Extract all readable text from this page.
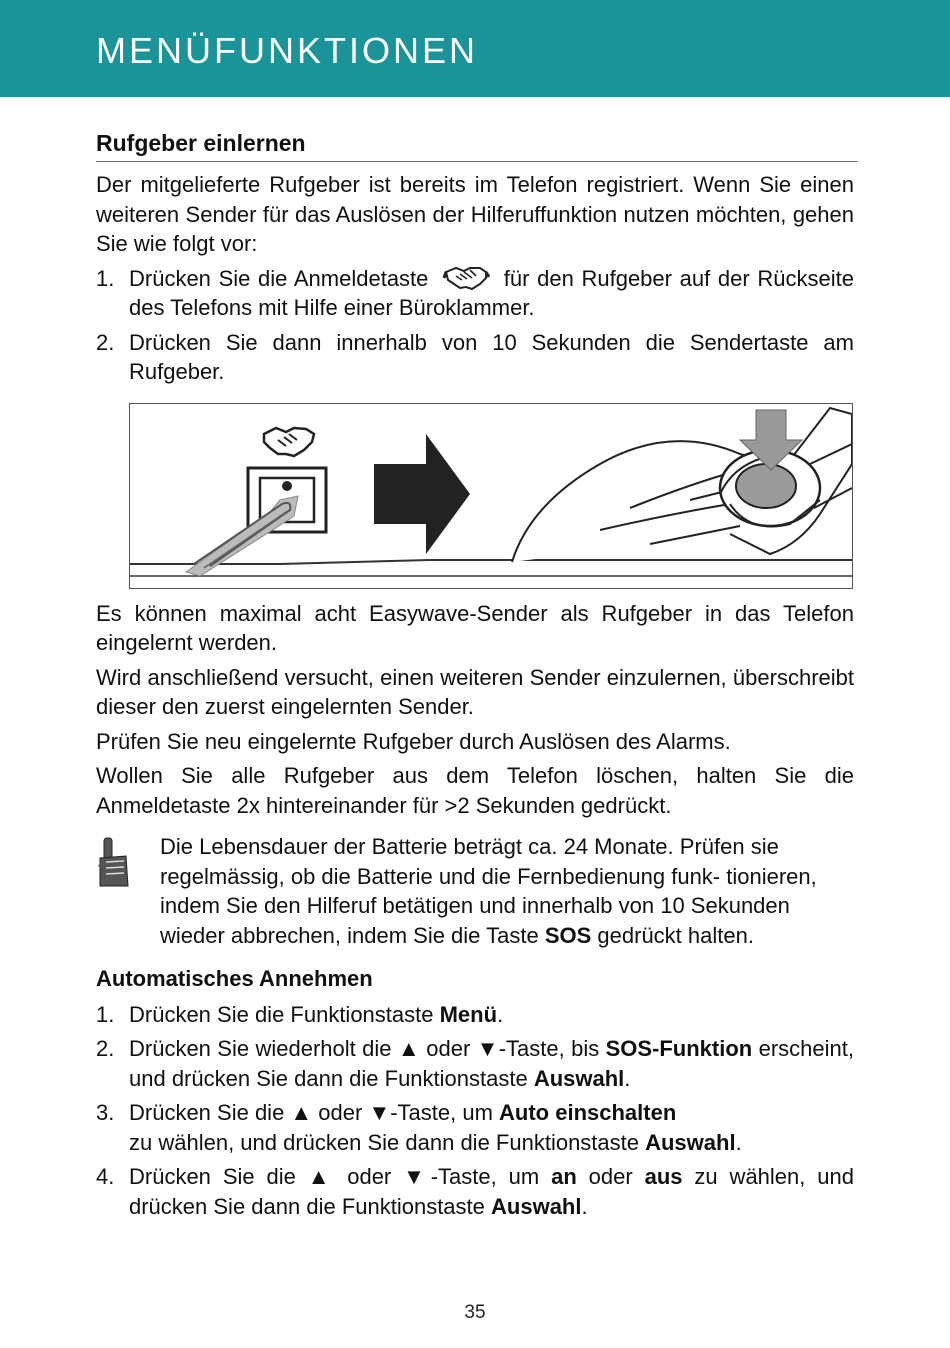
MENÜFUNKTIONEN
Rufgeber einlernen

Der mitgelieferte Rufgeber ist bereits im Telefon registriert. Wenn Sie einen weiteren Sender für das Auslösen der Hilferuffunktion nutzen möchten, gehen Sie wie folgt vor:

1. Drücken Sie die Anmeldetaste	für den Rufgeber auf der Rückseite des Telefons mit Hilfe einer Büroklammer.
2. Drücken Sie dann innerhalb von 10 Sekunden die Sendertaste am Rufgeber.

Es können maximal acht Easywave-Sender als Rufgeber in das Telefon eingelernt werden.

Wird anschließend versucht, einen weiteren Sender einzulernen, überschreibt dieser den zuerst eingelernten Sender.

Prüfen Sie neu eingelernte Rufgeber durch Auslösen des Alarms.

Wollen Sie alle Rufgeber aus dem Telefon löschen, halten Sie die Anmeldetaste 2x hintereinander für >2 Sekunden gedrückt.

Die Lebensdauer der Batterie beträgt ca. 24 Monate. Prüfen sie regelmässig, ob die Batterie und die Fernbedienung funk- tionieren, indem Sie den Hilferuf betätigen und innerhalb von 10 Sekunden wieder abbrechen, indem Sie die Taste SOS gedrückt halten.
Automatisches Annehmen
1. Drücken Sie die Funktionstaste Menü.
2. Drücken Sie wiederholt die ▲ oder ▼-Taste, bis SOS-Funktion erscheint, und drücken Sie dann die Funktionstaste Auswahl.
3. Drücken Sie die ▲ oder ▼-Taste, um Auto einschalten
zu wählen, und drücken Sie dann die Funktionstaste Auswahl.
4. Drücken Sie die ▲ oder ▼-Taste, um an oder aus zu wählen, und drücken Sie dann die Funktionstaste Auswahl.
35
